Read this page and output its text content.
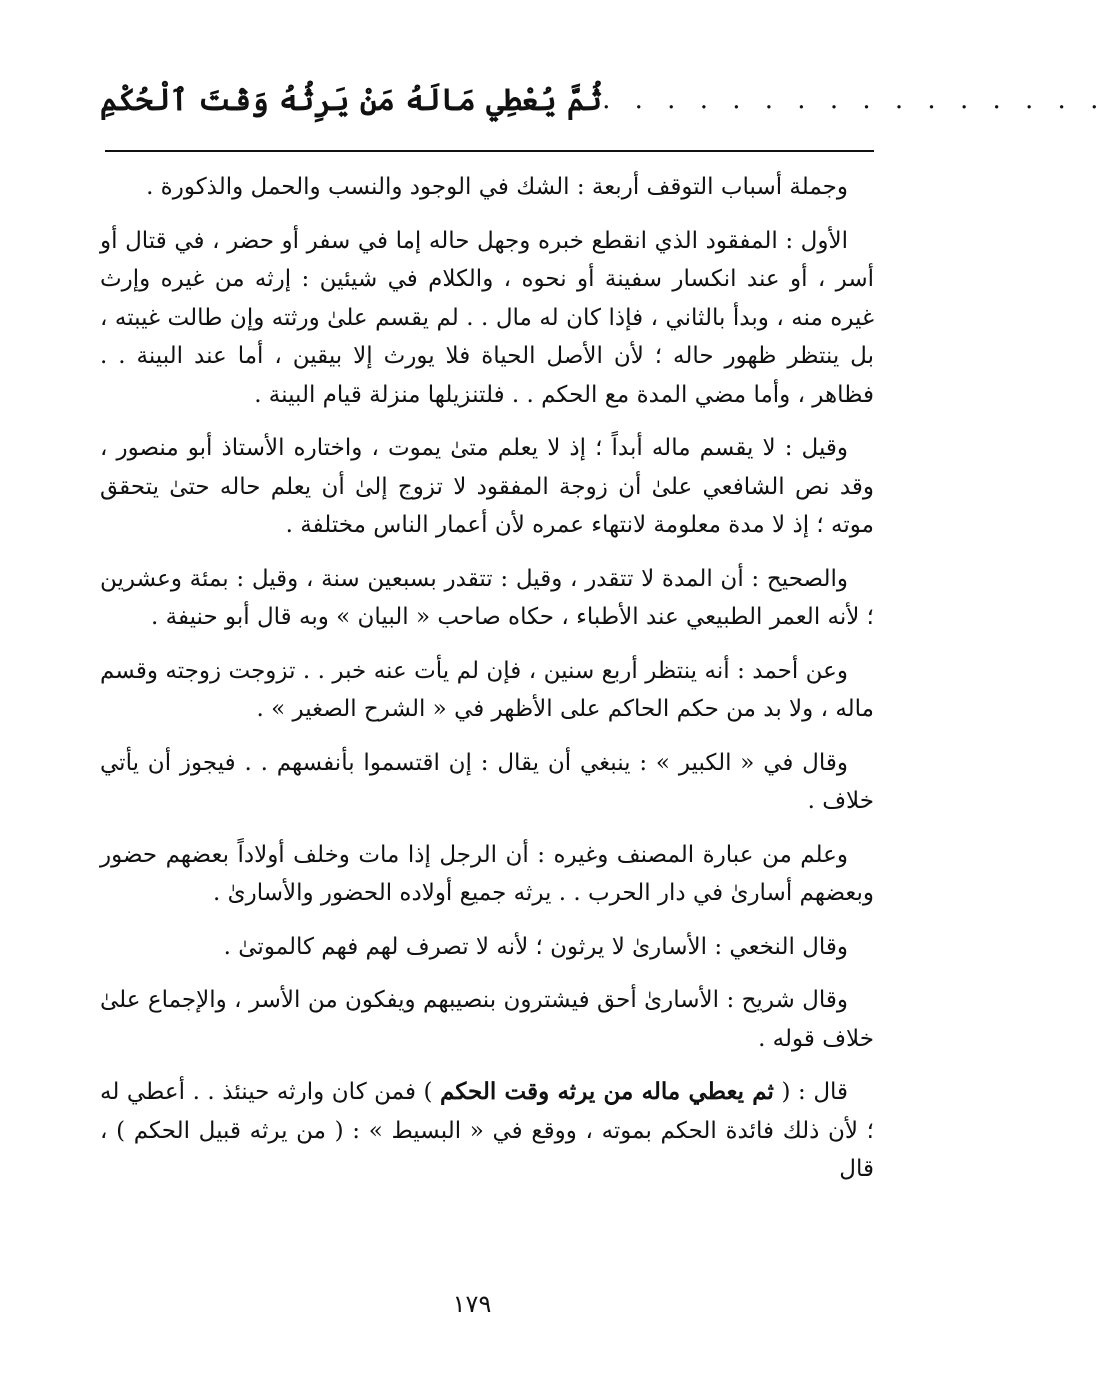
ثُمَّ يُعْطِي مَالَهُ مَنْ يَرِثُهُ وَقْتَ ٱلْحُكْمِ . . . . . . . . . . . . . . . .

وجملة أسباب التوقف أربعة : الشك في الوجود والنسب والحمل والذكورة .

الأول : المفقود الذي انقطع خبره وجهل حاله إما في سفر أو حضر ، في قتال أو أسر ، أو عند انكسار سفينة أو نحوه ، والكلام في شيئين : إرثه من غيره وإرث غيره منه ، وبدأ بالثاني ، فإذا كان له مال . . لم يقسم علىٰ ورثته وإن طالت غيبته ، بل ينتظر ظهور حاله ؛ لأن الأصل الحياة فلا يورث إلا بيقين ، أما عند البينة . . فظاهر ، وأما مضي المدة مع الحكم . . فلتنزيلها منزلة قيام البينة .

وقيل : لا يقسم ماله أبداً ؛ إذ لا يعلم متىٰ يموت ، واختاره الأستاذ أبو منصور ، وقد نص الشافعي علىٰ أن زوجة المفقود لا تزوج إلىٰ أن يعلم حاله حتىٰ يتحقق موته ؛ إذ لا مدة معلومة لانتهاء عمره لأن أعمار الناس مختلفة .

والصحيح : أن المدة لا تتقدر ، وقيل : تتقدر بسبعين سنة ، وقيل : بمئة وعشرين ؛ لأنه العمر الطبيعي عند الأطباء ، حكاه صاحب « البيان » وبه قال أبو حنيفة .

وعن أحمد : أنه ينتظر أربع سنين ، فإن لم يأت عنه خبر . . تزوجت زوجته وقسم ماله ، ولا بد من حكم الحاكم على الأظهر في « الشرح الصغير » .

وقال في « الكبير » : ينبغي أن يقال : إن اقتسموا بأنفسهم . . فيجوز أن يأتي خلاف .

وعلم من عبارة المصنف وغيره : أن الرجل إذا مات وخلف أولاداً بعضهم حضور وبعضهم أسارىٰ في دار الحرب . . يرثه جميع أولاده الحضور والأسارىٰ .

وقال النخعي : الأسارىٰ لا يرثون ؛ لأنه لا تصرف لهم فهم كالموتىٰ .

وقال شريح : الأسارىٰ أحق فيشترون بنصيبهم ويفكون من الأسر ، والإجماع علىٰ خلاف قوله .

قال : ( ثم يعطي ماله من يرثه وقت الحكم ) فمن كان وارثه حينئذ . . أعطي له ؛ لأن ذلك فائدة الحكم بموته ، ووقع في « البسيط » : ( من يرثه قبيل الحكم ) ، قال

١٧٩
